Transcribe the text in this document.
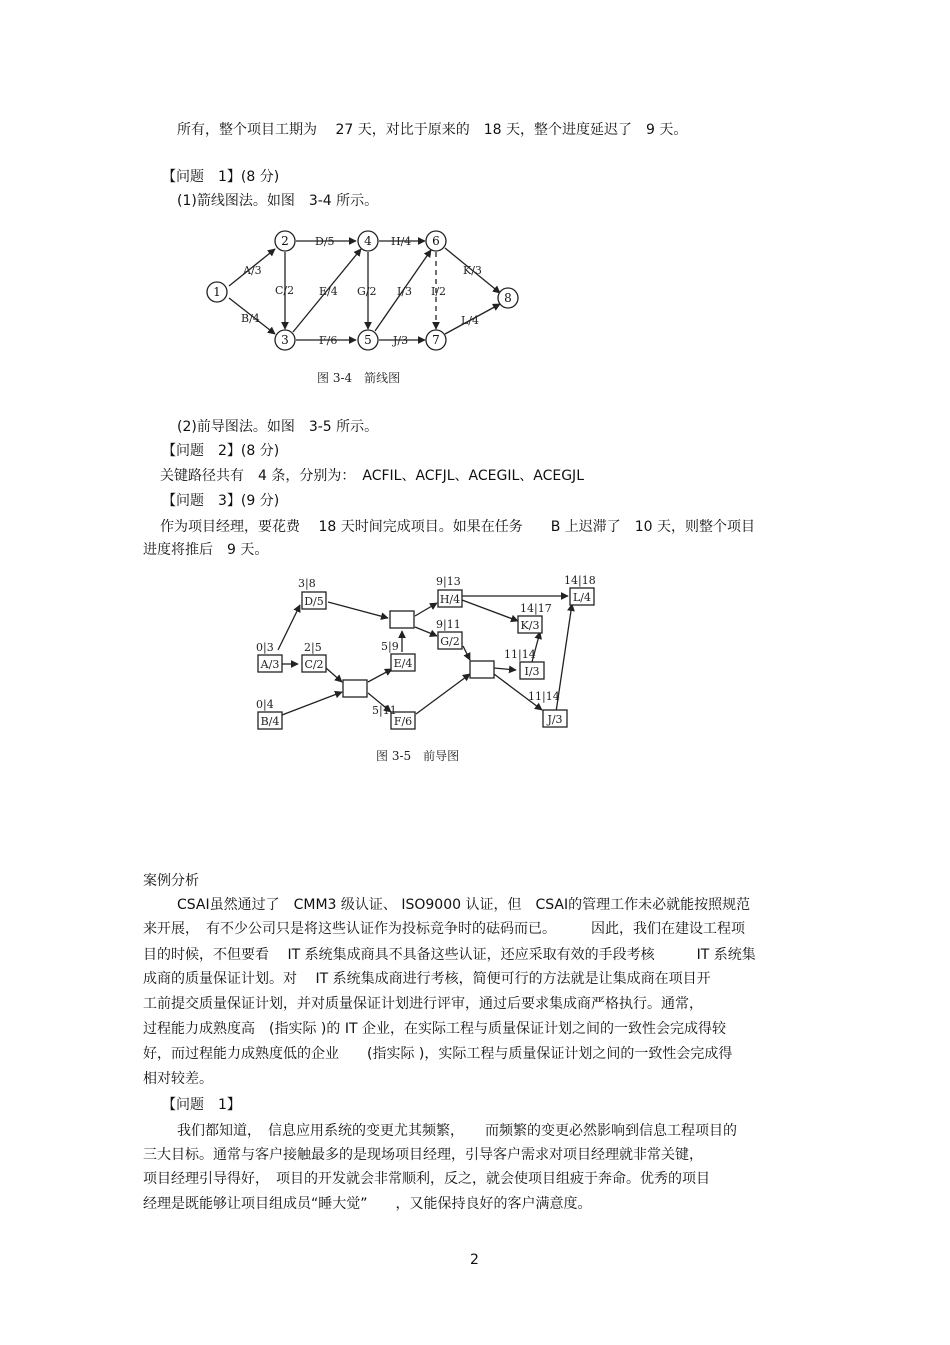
所有，整个项目工期为　 27 天，对比于原来的　18 天，整个进度延迟了　9 天。
【问题　1】(8 分)
(1)箭线图法。如图　3-4 所示。
A/3
B/4
C/2
D/5
E/4
F/6
G/2
H/4
I/3 I/2
J/3
K/3
L/4
1
2
3
4
5
6
7
8
图 3-4　箭线图
(2)前导图法。如图　3-5 所示。
【问题　2】(8 分)
关键路径共有　4 条，分别为：　ACFIL、ACFJL、ACEGIL、ACEGJL
【问题　3】(9 分)
作为项目经理，要花费　 18 天时间完成项目。如果在任务　　B 上迟滞了　10 天，则整个项目
进度将推后　9 天。
A/3
B/4
C/2
D/5
E/4
F/6
G/2
H/4
I/3
J/3
K/3
L/4
0|3
0|4
2|5
3|8
5|9
5|11
9|13
9|11
11|14
11|14
14|17
14|18
图 3-5　前导图
案例分析
CSAI虽然通过了　CMM3 级认证、 ISO9000 认证，但　CSAI的管理工作未必就能按照规范
来开展，　有不少公司只是将这些认证作为投标竞争时的砝码而已。　　　因此，我们在建设工程项
目的时候，不但要看　 IT 系统集成商具不具备这些认证，还应采取有效的手段考核　　　IT 系统集
成商的质量保证计划。对　 IT 系统集成商进行考核，简便可行的方法就是让集成商在项目开
工前提交质量保证计划，并对质量保证计划进行评审，通过后要求集成商严格执行。通常，
过程能力成熟度高　(指实际 )的 IT 企业，在实际工程与质量保证计划之间的一致性会完成得较
好，而过程能力成熟度低的企业　　(指实际 )，实际工程与质量保证计划之间的一致性会完成得
相对较差。
【问题　1】
我们都知道，　信息应用系统的变更尤其频繁，　　而频繁的变更必然影响到信息工程项目的
三大目标。通常与客户接触最多的是现场项目经理，引导客户需求对项目经理就非常关键，
项目经理引导得好，　项目的开发就会非常顺利，反之，就会使项目组疲于奔命。优秀的项目
经理是既能够让项目组成员“睡大觉”　　，又能保持良好的客户满意度。
2
